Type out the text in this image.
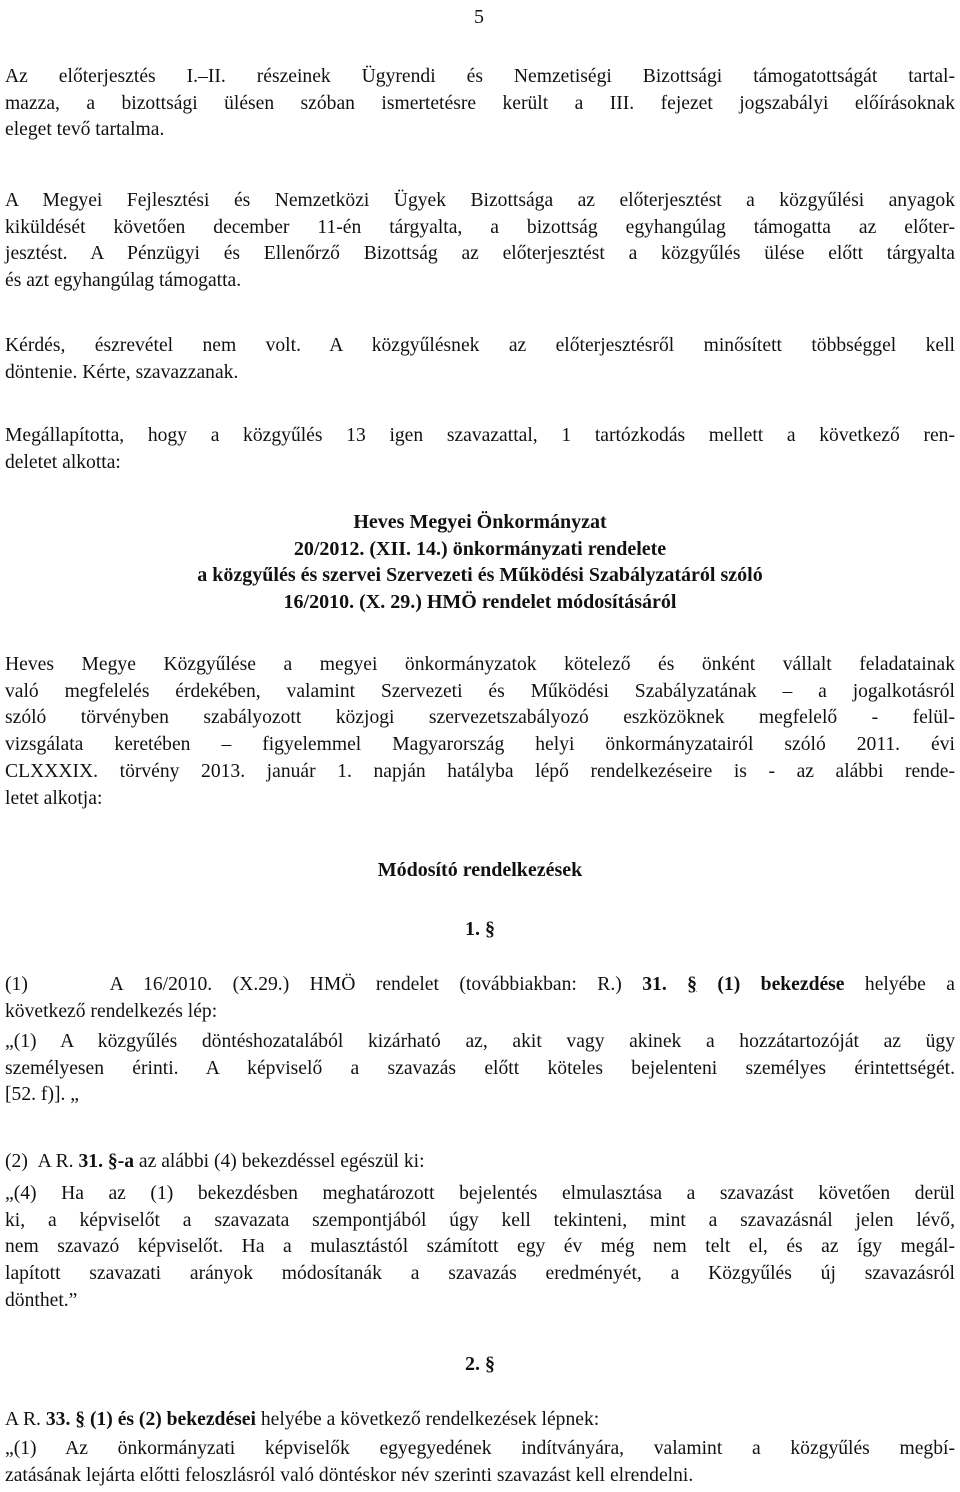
5
Az előterjesztés I.–II. részeinek Ügyrendi és Nemzetiségi Bizottsági támogatottságát tartal-
mazza, a bizottsági ülésen szóban ismertetésre került a III. fejezet jogszabályi előírásoknak
eleget tevő tartalma.
A Megyei Fejlesztési és Nemzetközi Ügyek Bizottsága az előterjesztést a közgyűlési anyagok
kiküldését követően december 11-én tárgyalta, a bizottság egyhangúlag támogatta az előter-
jesztést. A Pénzügyi és Ellenőrző Bizottság az előterjesztést a közgyűlés ülése előtt tárgyalta
és azt egyhangúlag támogatta.
Kérdés, észrevétel nem volt. A közgyűlésnek az előterjesztésről minősített többséggel kell
döntenie. Kérte, szavazzanak.
Megállapította, hogy a közgyűlés 13 igen szavazattal, 1 tartózkodás mellett a következő ren-
deletet alkotta:
Heves Megyei Önkormányzat
20/2012. (XII. 14.) önkormányzati rendelete
a közgyűlés és szervei Szervezeti és Működési Szabályzatáról szóló
16/2010. (X. 29.) HMÖ rendelet módosításáról
Heves Megye Közgyűlése a megyei önkormányzatok kötelező és önként vállalt feladatainak
való megfelelés érdekében, valamint Szervezeti és Működési Szabályzatának – a jogalkotásról
szóló törvényben szabályozott közjogi szervezetszabályozó eszközöknek megfelelő - felül-
vizsgálata keretében – figyelemmel Magyarország helyi önkormányzatairól szóló 2011. évi
CLXXXIX. törvény 2013. január 1. napján hatályba lépő rendelkezéseire is - az alábbi rende-
letet alkotja:
Módosító rendelkezések
1. §
(1)    A 16/2010. (X.29.) HMÖ rendelet (továbbiakban: R.) 31. § (1) bekezdése helyébe a
következő rendelkezés lép:
„(1) A közgyűlés döntéshozatalából kizárható az, akit vagy akinek a hozzátartozóját az ügy
személyesen érinti. A képviselő a szavazás előtt köteles bejelenteni személyes érintettségét.
[52. f)]. „
(2)  A R. 31. §-a az alábbi (4) bekezdéssel egészül ki:
„(4) Ha az (1) bekezdésben meghatározott bejelentés elmulasztása a szavazást követően derül
ki, a képviselőt a szavazata szempontjából úgy kell tekinteni, mint a szavazásnál jelen lévő,
nem szavazó képviselőt. Ha a mulasztástól számított egy év még nem telt el, és az így megál-
lapított szavazati arányok módosítanák a szavazás eredményét, a Közgyűlés új szavazásról
dönthet.”
2. §
A R. 33. § (1) és (2) bekezdései helyébe a következő rendelkezések lépnek:
„(1) Az önkormányzati képviselők egyegyedének indítványára, valamint a közgyűlés megbí-
zatásának lejárta előtti feloszlásról való döntéskor név szerinti szavazást kell elrendelni.
